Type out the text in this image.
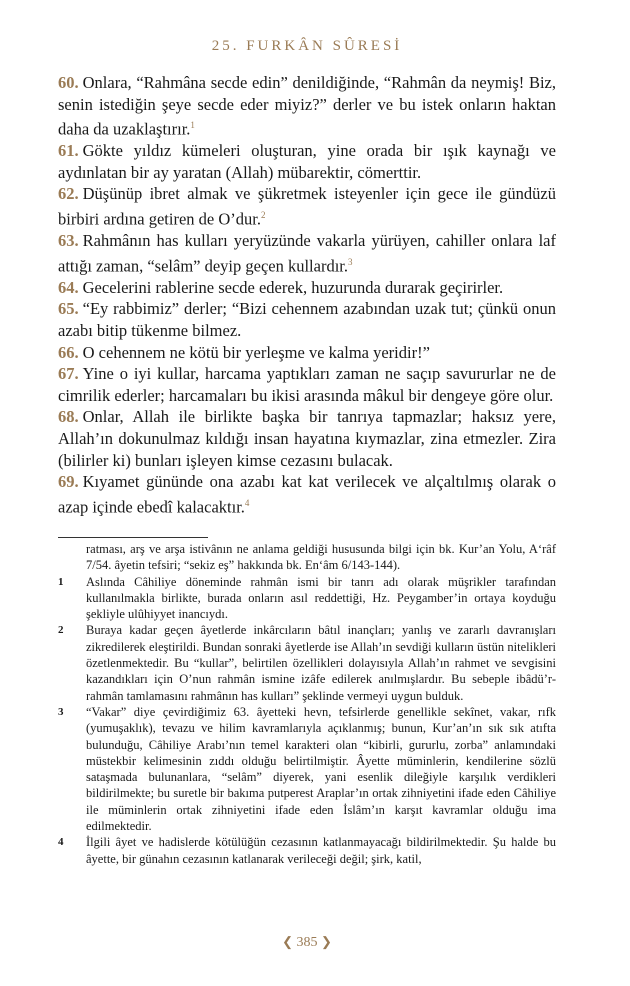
25. FURKÂN SÛRESİ

60. Onlara, “Rahmâna secde edin” denildiğinde, “Rahmân da neymiş! Biz, senin istediğin şeye secde eder miyiz?” derler ve bu istek onların haktan daha da uzaklaştırır.$^1$

61. Gökte yıldız kümeleri oluşturan, yine orada bir ışık kaynağı ve aydınlatan bir ay yaratan (Allah) mübarektir, cömerttir.

62. Düşünüp ibret almak ve şükretmek isteyenler için gece ile gündüzü birbiri ardına getiren de O’dur.$^2$

63. Rahmânın has kulları yeryüzünde vakarla yürüyen, cahiller onlara laf attığı zaman, “selâm” deyip geçen kullardır.$^3$

64. Gecelerini rablerine secde ederek, huzurunda durarak geçirirler.

65. “Ey rabbimiz” derler; “Bizi cehennem azabından uzak tut; çünkü onun azabı bitip tükenme bilmez.

66. O cehennem ne kötü bir yerleşme ve kalma yeridir!”

67. Yine o iyi kullar, harcama yaptıkları zaman ne saçıp savururlar ne de cimrilik ederler; harcamaları bu ikisi arasında mâkul bir dengeye göre olur.

68. Onlar, Allah ile birlikte başka bir tanrıya tapmazlar; haksız yere, Allah’ın dokunulmaz kıldığı insan hayatına kıymazlar, zina etmezler. Zira (bilirler ki) bunları işleyen kimse cezasını bulacak.

69. Kıyamet gününde ona azabı kat kat verilecek ve alçaltılmış olarak o azap içinde ebedî kalacaktır.$^4$

ratması, arş ve arşa istivânın ne anlama geldiği hususunda bilgi için bk. Kur’an Yolu, A‘râf 7/54. âyetin tefsiri; “sekiz eş” hakkında bk. En‘âm 6/143-144).

1	Aslında Câhiliye döneminde rahmân ismi bir tanrı adı olarak müşrikler tarafından kullanılmakla birlikte, burada onların asıl reddettiği, Hz. Peygamber’in ortaya koyduğu şekliyle ulûhiyyet inancıydı.

2	Buraya kadar geçen âyetlerde inkârcıların bâtıl inançları; yanlış ve zararlı davranışları zikredilerek eleştirildi. Bundan sonraki âyetlerde ise Allah’ın sevdiği kulların üstün nitelikleri özetlenmektedir. Bu “kullar”, belirtilen özellikleri dolayısıyla Allah’ın rahmet ve sevgisini kazandıkları için O’nun rahmân ismine izâfe edilerek anılmışlardır. Bu sebeple ibâdü’r-rahmân tamlamasını rahmânın has kulları” şeklinde vermeyi uygun bulduk.

3	“Vakar” diye çevirdiğimiz 63. âyetteki hevn, tefsirlerde genellikle sekînet, vakar, rıfk (yumuşaklık), tevazu ve hilim kavramlarıyla açıklanmış; bunun, Kur’an’ın sık sık atıfta bulunduğu, Câhiliye Arabı’nın temel karakteri olan “kibirli, gururlu, zorba” anlamındaki müstekbir kelimesinin zıddı olduğu belirtilmiştir. Âyette müminlerin, kendilerine sözlü sataşmada bulunanlara, “selâm” diyerek, yani esenlik dileğiyle karşılık verdikleri bildirilmekte; bu suretle bir bakıma putperest Araplar’ın ortak zihniyetini ifade eden Câhiliye ile müminlerin ortak zihniyetini ifade eden İslâm’ın karşıt kavramlar olduğu ima edilmektedir.

4	İlgili âyet ve hadislerde kötülüğün cezasının katlanmayacağı bildirilmektedir. Şu halde bu âyette, bir günahın cezasının katlanarak verileceği değil; şirk, katil,

❮ 385 ❯
